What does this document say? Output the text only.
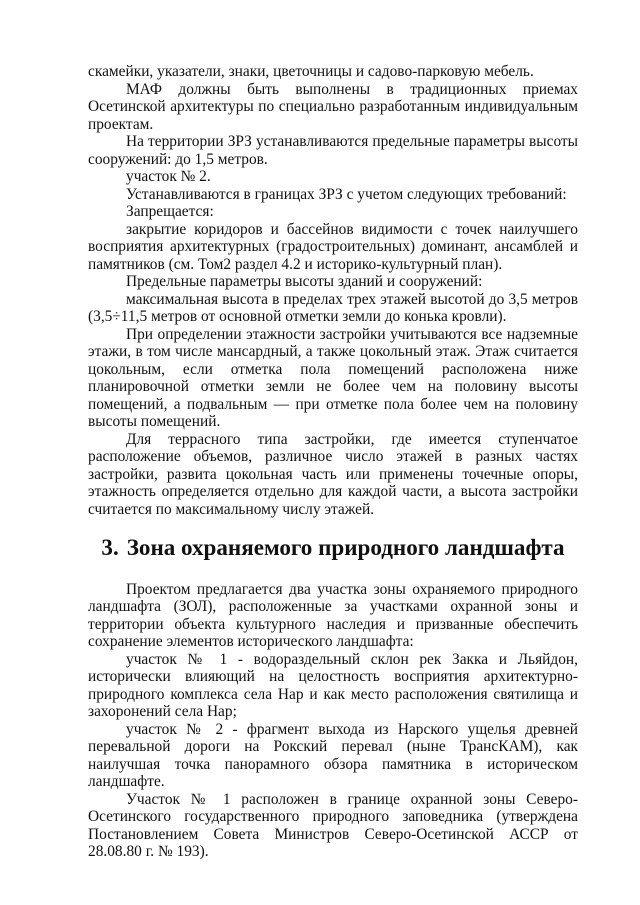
скамейки, указатели, знаки, цветочницы и садово-парковую мебель.

МАФ должны быть выполнены в традиционных приемах Осетинской архитектуры по специально разработанным индивидуальным проектам.

На территории ЗРЗ устанавливаются предельные параметры высоты сооружений: до 1,5 метров.

участок № 2.

Устанавливаются в границах ЗРЗ с учетом следующих требований:

Запрещается:

закрытие коридоров и бассейнов видимости с точек наилучшего восприятия архитектурных (градостроительных) доминант, ансамблей и памятников (см. Том2 раздел 4.2 и историко-культурный план).

Предельные параметры высоты зданий и сооружений:

максимальная высота в пределах трех этажей высотой до 3,5 метров (3,5÷11,5 метров от основной отметки земли до конька кровли).

При определении этажности застройки учитываются все надземные этажи, в том числе мансардный, а также цокольный этаж. Этаж считается цокольным, если отметка пола помещений расположена ниже планировочной отметки земли не более чем на половину высоты помещений, а подвальным — при отметке пола более чем на половину высоты помещений.

Для террасного типа застройки, где имеется ступенчатое расположение объемов, различное число этажей в разных частях застройки, развита цокольная часть или применены точечные опоры, этажность определяется отдельно для каждой части, а высота застройки считается по максимальному числу этажей.

3. Зона охраняемого природного ландшафта

Проектом предлагается два участка зоны охраняемого природного ландшафта (ЗОЛ), расположенные за участками охранной зоны и территории объекта культурного наследия и призванные обеспечить сохранение элементов исторического ландшафта:

участок № 1 - водораздельный склон рек Закка и Льяйдон, исторически влияющий на целостность восприятия архитектурно-природного комплекса села Нар и как место расположения святилища и захоронений села Нар;

участок № 2 - фрагмент выхода из Нарского ущелья древней перевальной дороги на Рокский перевал (ныне ТрансКАМ), как наилучшая точка панорамного обзора памятника в историческом ландшафте.

Участок № 1 расположен в границе охранной зоны Северо-Осетинского государственного природного заповедника (утверждена Постановлением Совета Министров Северо-Осетинской АССР от 28.08.80 г. № 193).
